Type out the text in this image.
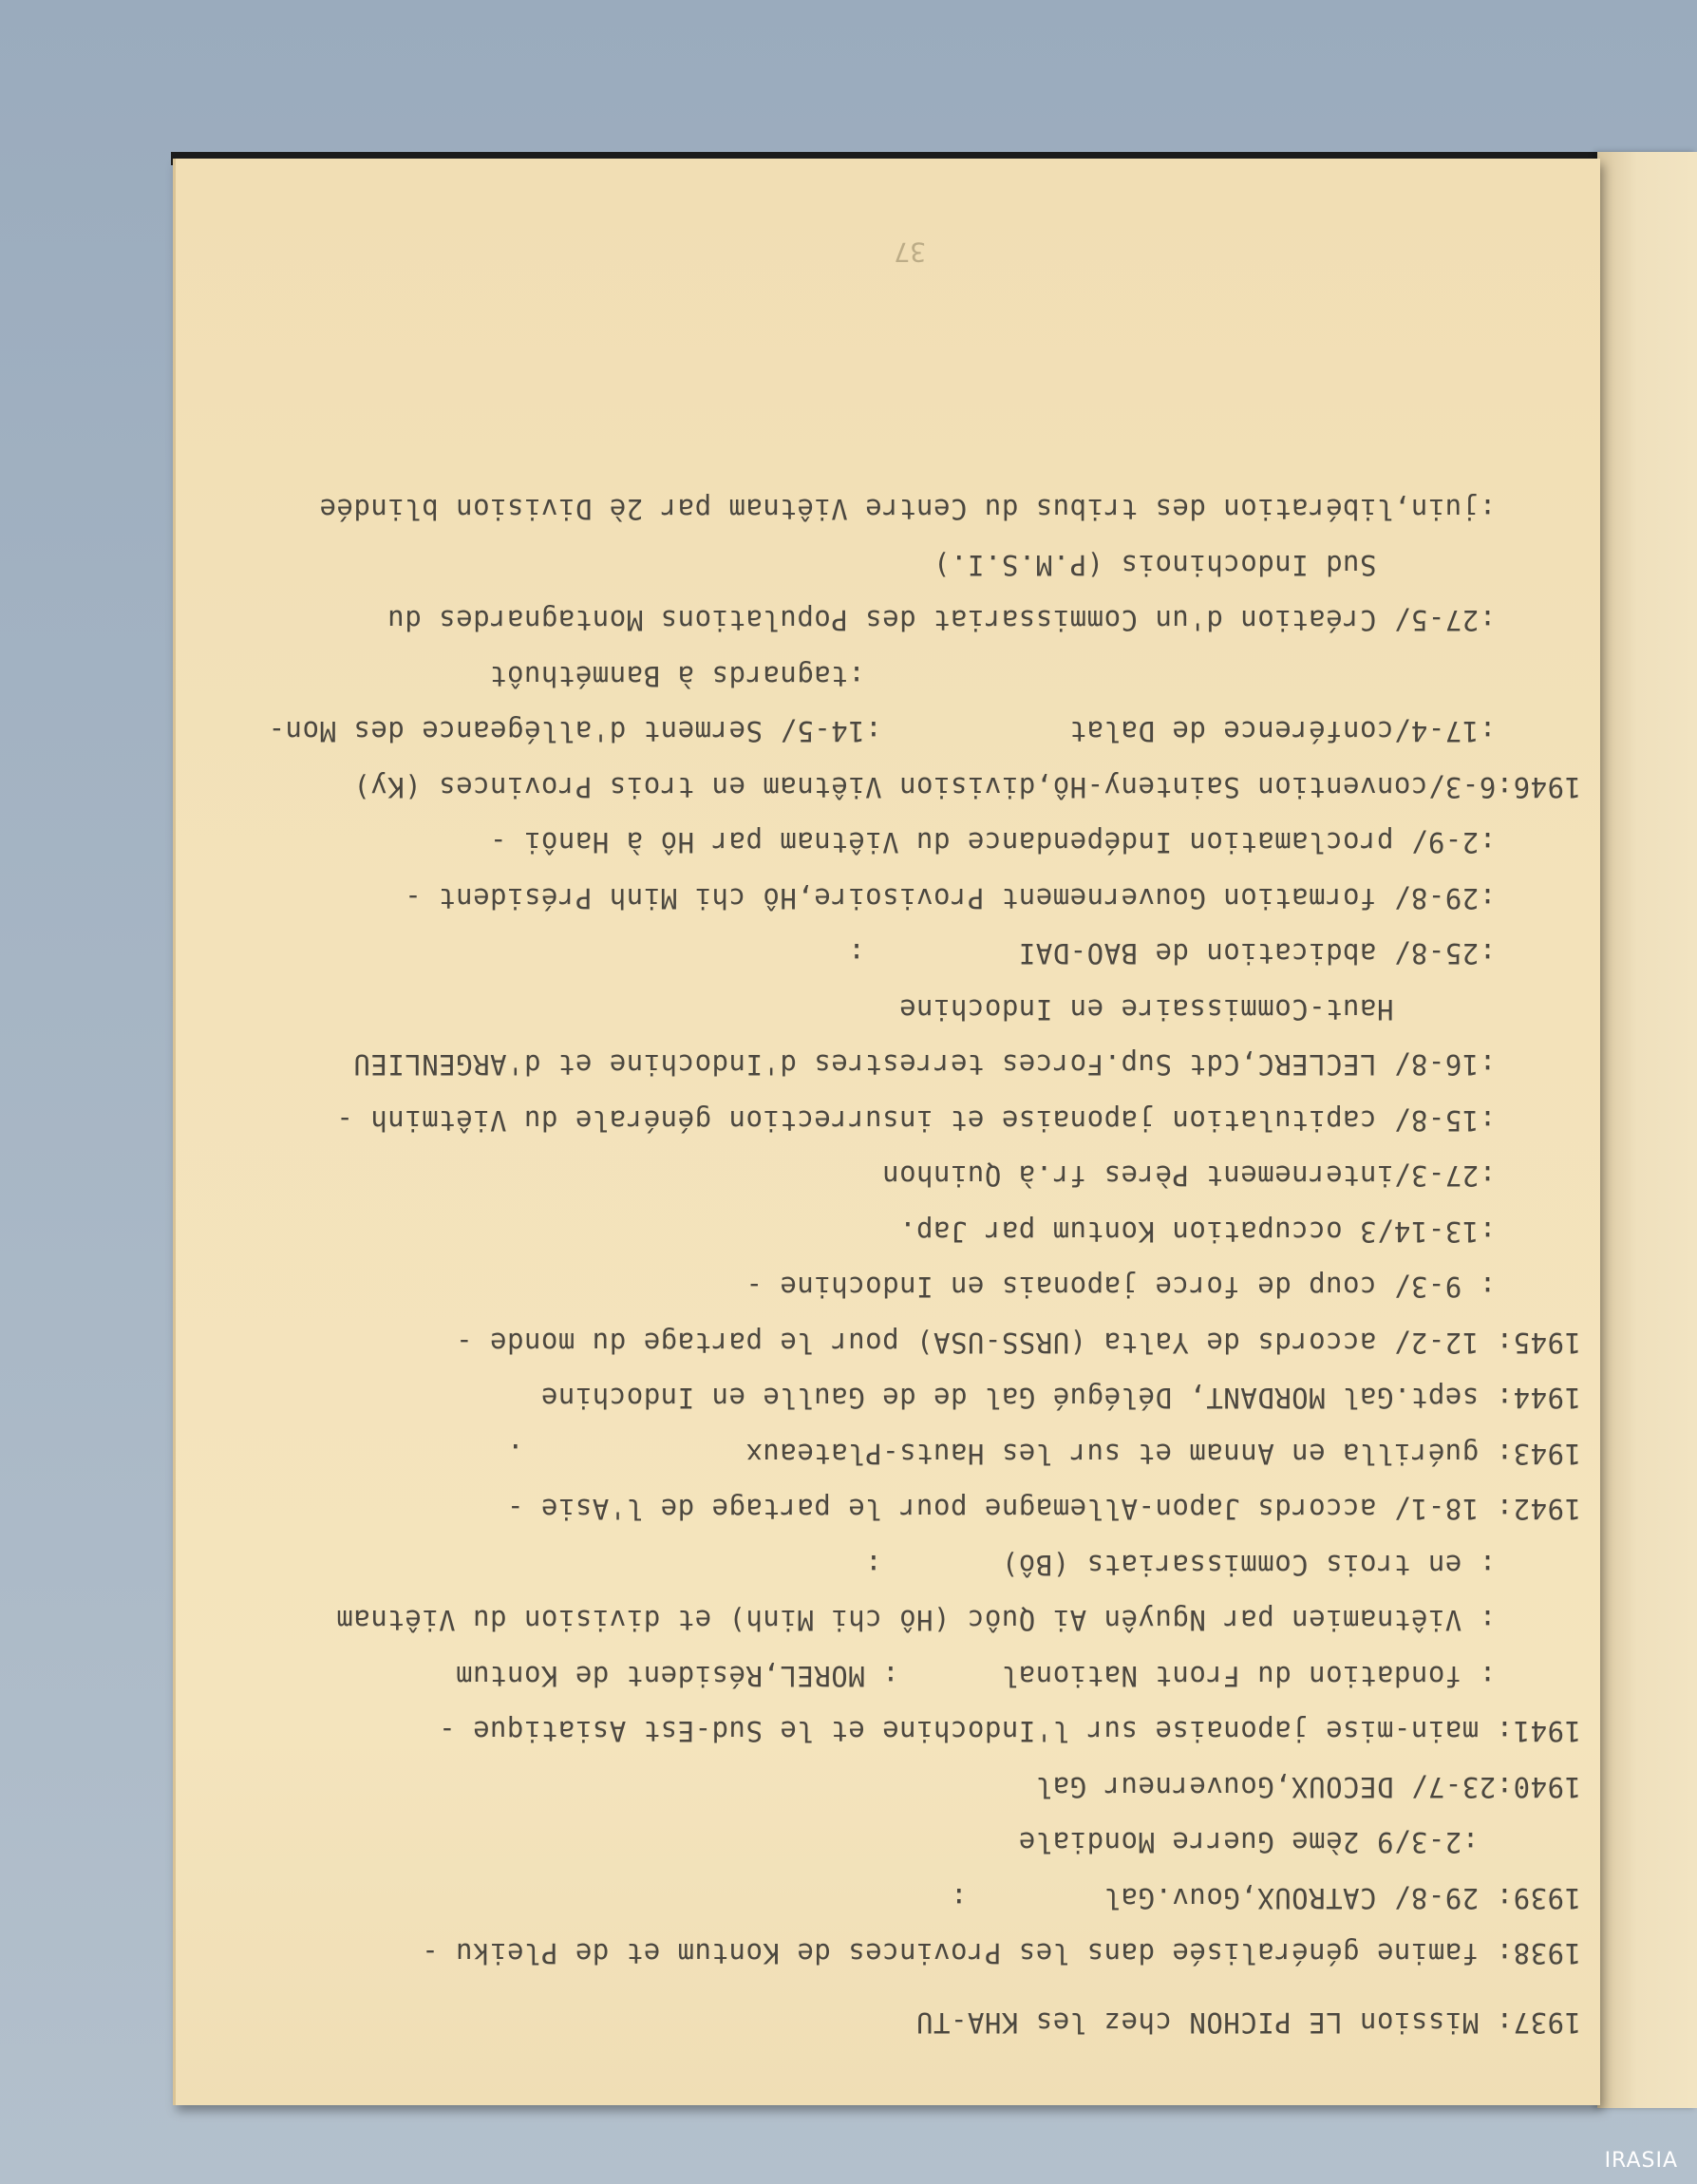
37
1937: Mission LE PICHON chez les KHA-TU
1938: famine généralisée dans les Provinces de Kontum et de Pleiku -
1939: 29-8/ CATROUX,Gouv.Gal        :
:2-3/9 2ème Guerre Mondiale
1940:23-7/ DECOUX,Gouverneur Gal
1941: main-mise japonaise sur l'Indochine et le Sud-Est Asiatique -
: fondation du Front National      : MOREL,Résident de Kontum
: Viêtnamien par Nguyên Ai Quôc (Hô chi Minh) et division du Viêtnam
: en trois Commissariats (Bô)       :
1942: 18-1/ accords Japon-Allemagne pour le partage de l'Asie -
1943: guérilla en Annam et sur les Hauts-Plateaux             .
1944: sept.Gal MORDANT, Délégué Gal de de Gaulle en Indochine
1945: 12-2/ accords de Yalta (URSS-USA) pour le partage du monde -
: 9-3/ coup de force japonais en Indochine -
:13-14/3 occupation Kontum par Jap.
:27-3/internement Pères fr.à Quinhon
:15-8/ capitulation japonaise et insurrection générale du Viêtminh -
:16-8/ LECLERC,Cdt Sup.Forces terrestres d'Indochine et d'ARGENLIEU
Haut-Commissaire en Indochine
:25-8/ abdication de BAO-DAI         :
:29-8/ formation Gouvernement Provisoire,Hô chi Minh Président -
:2-9/ proclamation Indépendance du Viêtnam par Hô à Hanôi -
1946:6-3/convention Sainteny-Hô,division Viêtnam en trois Provinces (Ky)
:17-4/conférence de Dalat           :14-5/ Serment d'allégeance des Mon-
:tagnards à Banméthuôt
:27-5/ Création d'un Commissariat des Populations Montagnardes du
Sud Indochinois (P.M.S.I.)
:juin,libération des tribus du Centre Viêtnam par 2è Division blindée
IRASIA
